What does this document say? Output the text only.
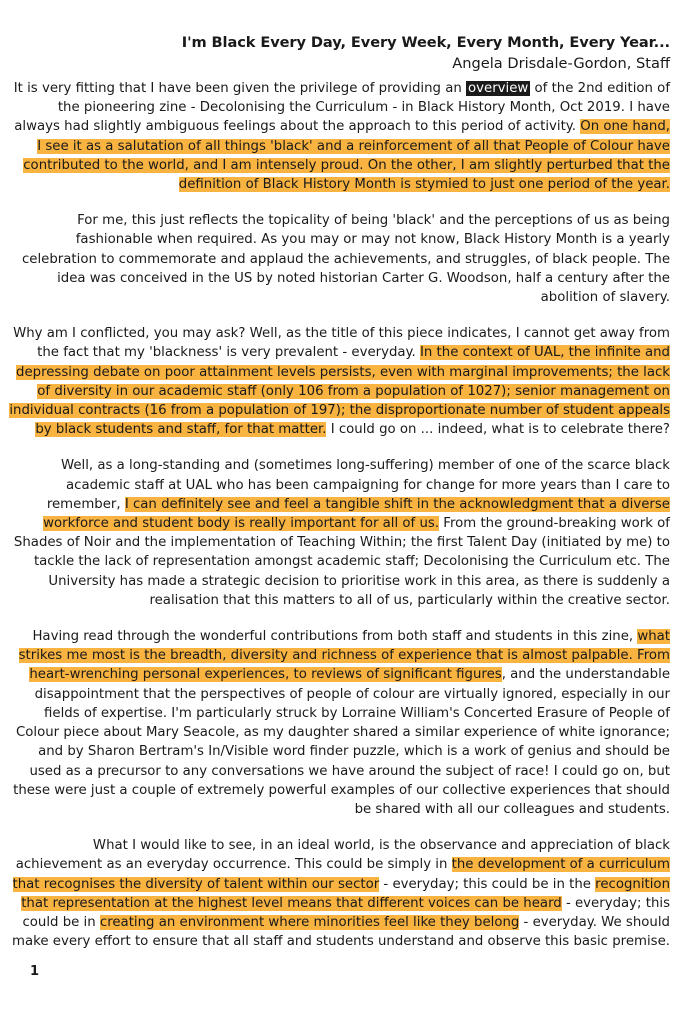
I'm Black Every Day, Every Week, Every Month, Every Year...
Angela Drisdale-Gordon, Staff

It is very fitting that I have been given the privilege of providing an overview of the 2nd edition of the pioneering zine - Decolonising the Curriculum - in Black History Month, Oct 2019. I have always had slightly ambiguous feelings about the approach to this period of activity. On one hand, I see it as a salutation of all things 'black' and a reinforcement of all that People of Colour have contributed to the world, and I am intensely proud. On the other, I am slightly perturbed that the definition of Black History Month is stymied to just one period of the year.

For me, this just reflects the topicality of being 'black' and the perceptions of us as being fashionable when required. As you may or may not know, Black History Month is a yearly celebration to commemorate and applaud the achievements, and struggles, of black people. The idea was conceived in the US by noted historian Carter G. Woodson, half a century after the abolition of slavery.

Why am I conflicted, you may ask? Well, as the title of this piece indicates, I cannot get away from the fact that my 'blackness' is very prevalent - everyday. In the context of UAL, the infinite and depressing debate on poor attainment levels persists, even with marginal improvements; the lack of diversity in our academic staff (only 106 from a population of 1027); senior management on individual contracts (16 from a population of 197); the disproportionate number of student appeals by black students and staff, for that matter. I could go on ... indeed, what is to celebrate there?

Well, as a long-standing and (sometimes long-suffering) member of one of the scarce black academic staff at UAL who has been campaigning for change for more years than I care to remember, I can definitely see and feel a tangible shift in the acknowledgment that a diverse workforce and student body is really important for all of us. From the ground-breaking work of Shades of Noir and the implementation of Teaching Within; the first Talent Day (initiated by me) to tackle the lack of representation amongst academic staff; Decolonising the Curriculum etc. The University has made a strategic decision to prioritise work in this area, as there is suddenly a realisation that this matters to all of us, particularly within the creative sector.

Having read through the wonderful contributions from both staff and students in this zine, what strikes me most is the breadth, diversity and richness of experience that is almost palpable. From heart-wrenching personal experiences, to reviews of significant figures, and the understandable disappointment that the perspectives of people of colour are virtually ignored, especially in our fields of expertise. I'm particularly struck by Lorraine William's Concerted Erasure of People of Colour piece about Mary Seacole, as my daughter shared a similar experience of white ignorance; and by Sharon Bertram's In/Visible word finder puzzle, which is a work of genius and should be used as a precursor to any conversations we have around the subject of race! I could go on, but these were just a couple of extremely powerful examples of our collective experiences that should be shared with all our colleagues and students.

What I would like to see, in an ideal world, is the observance and appreciation of black achievement as an everyday occurrence. This could be simply in the development of a curriculum that recognises the diversity of talent within our sector - everyday; this could be in the recognition that representation at the highest level means that different voices can be heard - everyday; this could be in creating an environment where minorities feel like they belong - everyday. We should make every effort to ensure that all staff and students understand and observe this basic premise.

1
